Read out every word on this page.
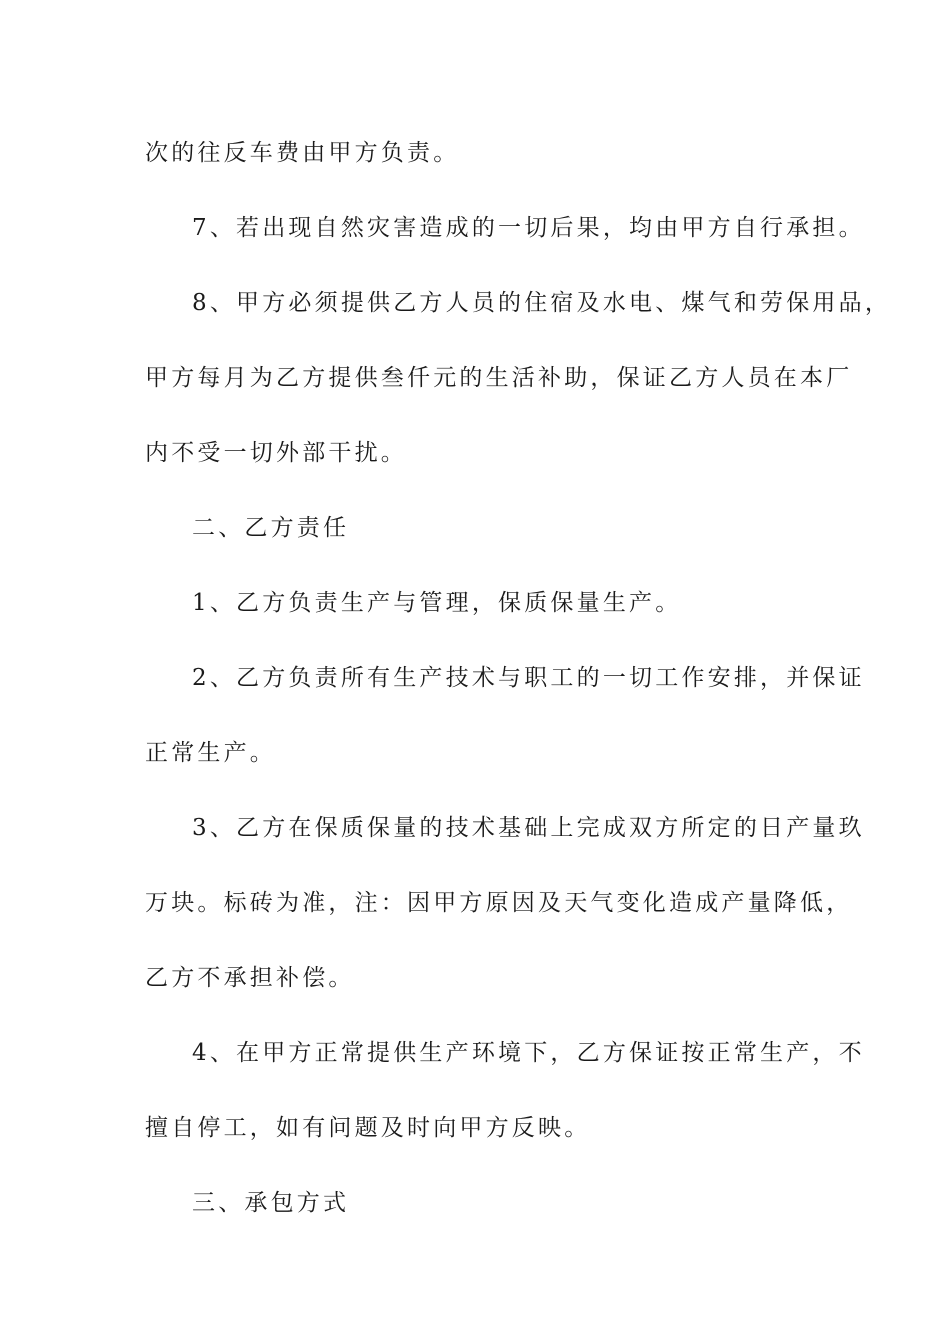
次的往反车费由甲方负责。
7、若出现自然灾害造成的一切后果，均由甲方自行承担。
8、甲方必须提供乙方人员的住宿及水电、煤气和劳保用品，
甲方每月为乙方提供叁仟元的生活补助，保证乙方人员在本厂
内不受一切外部干扰。
二、乙方责任
1、乙方负责生产与管理，保质保量生产。
2、乙方负责所有生产技术与职工的一切工作安排，并保证
正常生产。
3、乙方在保质保量的技术基础上完成双方所定的日产量玖
万块。标砖为准，注：因甲方原因及天气变化造成产量降低，
乙方不承担补偿。
4、在甲方正常提供生产环境下，乙方保证按正常生产，不
擅自停工，如有问题及时向甲方反映。
三、承包方式
